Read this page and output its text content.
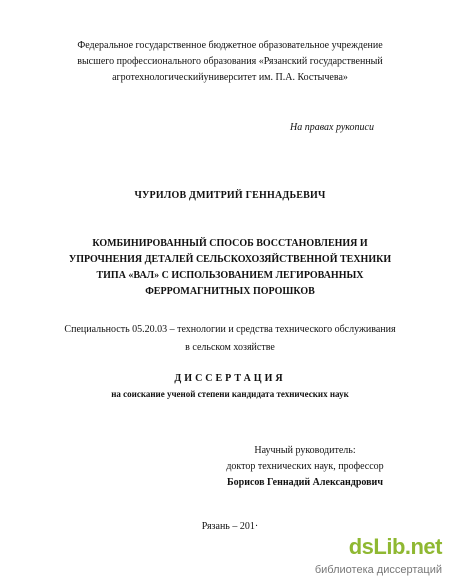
Федеральное государственное бюджетное образовательное учреждение
высшего профессионального образования «Рязанский государственный
агротехнологическийуниверситет им. П.А. Костычева»
На правах рукописи
ЧУРИЛОВ ДМИТРИЙ ГЕННАДЬЕВИЧ
КОМБИНИРОВАННЫЙ СПОСОБ ВОССТАНОВЛЕНИЯ И
УПРОЧНЕНИЯ ДЕТАЛЕЙ СЕЛЬСКОХОЗЯЙСТВЕННОЙ ТЕХНИКИ
ТИПА «ВАЛ» С ИСПОЛЬЗОВАНИЕМ ЛЕГИРОВАННЫХ
ФЕРРОМАГНИТНЫХ ПОРОШКОВ
Специальность 05.20.03 – технологии и средства технического обслуживания
в сельском хозяйстве
ДИССЕРТАЦИЯ
на соискание ученой степени кандидата технических наук
Научный руководитель:
доктор технических наук, профессор
Борисов Геннадий Александрович
Рязань – 201·
dsLib.net
библиотека диссертаций
